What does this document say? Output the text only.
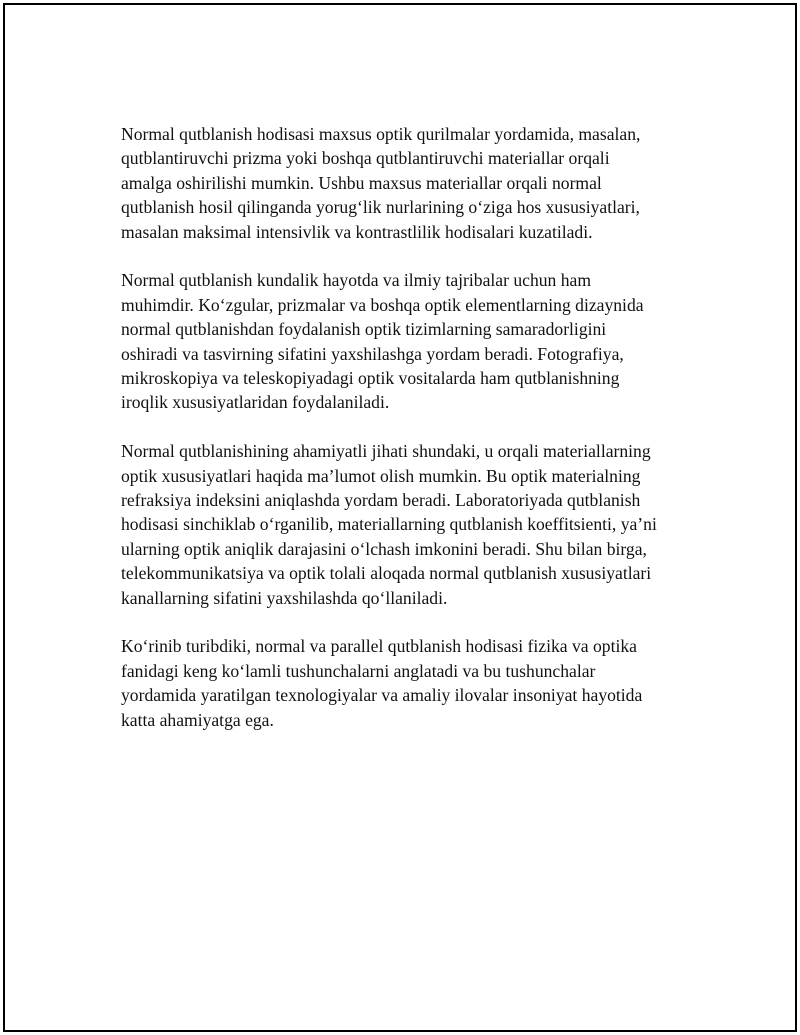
Normal qutblanish hodisasi maxsus optik qurilmalar yordamida, masalan,
qutblantiruvchi prizma yoki boshqa qutblantiruvchi materiallar orqali
amalga oshirilishi mumkin. Ushbu maxsus materiallar orqali normal
qutblanish hosil qilinganda yorug‘lik nurlarining o‘ziga hos xususiyatlari,
masalan maksimal intensivlik va kontrastlilik hodisalari kuzatiladi.

Normal qutblanish kundalik hayotda va ilmiy tajribalar uchun ham
muhimdir. Ko‘zgular, prizmalar va boshqa optik elementlarning dizaynida
normal qutblanishdan foydalanish optik tizimlarning samaradorligini
oshiradi va tasvirning sifatini yaxshilashga yordam beradi. Fotografiya,
mikroskopiya va teleskopiyadagi optik vositalarda ham qutblanishning
iroqlik xususiyatlaridan foydalaniladi.

Normal qutblanishining ahamiyatli jihati shundaki, u orqali materiallarning
optik xususiyatlari haqida ma’lumot olish mumkin. Bu optik materialning
refraksiya indeksini aniqlashda yordam beradi. Laboratoriyada qutblanish
hodisasi sinchiklab o‘rganilib, materiallarning qutblanish koeffitsienti, ya’ni
ularning optik aniqlik darajasini o‘lchash imkonini beradi. Shu bilan birga,
telekommunikatsiya va optik tolali aloqada normal qutblanish xususiyatlari
kanallarning sifatini yaxshilashda qo‘llaniladi.

Ko‘rinib turibdiki, normal va parallel qutblanish hodisasi fizika va optika
fanidagi keng ko‘lamli tushunchalarni anglatadi va bu tushunchalar
yordamida yaratilgan texnologiyalar va amaliy ilovalar insoniyat hayotida
katta ahamiyatga ega.
